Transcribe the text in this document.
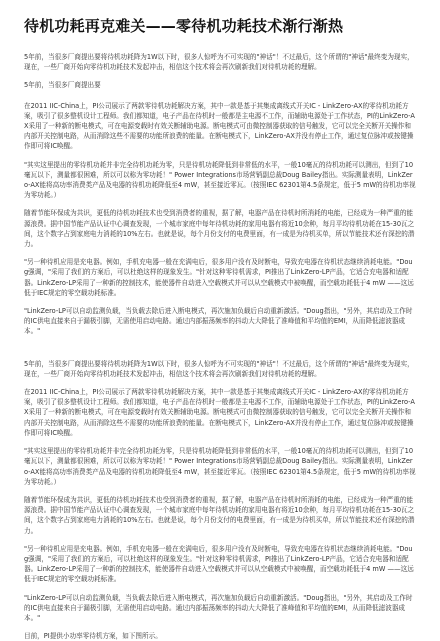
待机功耗再克难关——零待机功耗技术渐行渐热

5年前，当很多厂商提出要将待机功耗降为1W以下时，很多人惊呼为不可实现的"神话"！不过最后，这个所谓的"神话"最终变为现实，现在，一些厂商开始向零待机功耗技术发起冲击，相信这个技术将会再次刷新我们对待机功耗的理解。

5年前，当很多厂商提出要

在2011 IIC-China上，PI公司展示了两款零待机功耗解决方案，其中一款是基于其集成离线式开关IC - LinkZero-AX的零待机功耗方案，吸引了很多整机设计工程师。我们都知道，电子产品在待机时一般都是主电源不工作，而辅助电源处于工作状态，PI的LinkZero-AX采用了一种新的断电模式，可在电源变载时有效关断辅助电源。断电模式可由微控制器获取的信号触发，它可以完全关断开关操作和内部开关控制电路，从而消除这些不需要的功能所浪费的能量。在断电模式下，LinkZero-AX并没有停止工作，通过复位脉冲或按键操作即可将IC唤醒。

"其实这里提出的零待机功耗并非完全待机功耗为零，只是待机功耗降低到非常低的水平，一般10毫瓦的待机功耗可以测出，但到了10毫瓦以下，测量都很困难，所以可以称为零功耗！" Power Integrations市场营销副总裁Doug Bailey指出。实际测量表明，LinkZero-AX能将高功率消费类产品及电器的待机功耗降低至4 mW，甚至接近零瓦。（按照IEC 62301第4.5条规定，低于5 mW的待机功率视为零功耗。）

随着节能环保成为共识，更低的待机功耗技术也受到消费者的重视，据了解，电器产品在待机时所消耗的电能，已经成为一种严重的能源浪费。据中国节能产品认证中心调查发现，一个城市家庭中每年待机功耗的家用电器有将近10余种，每月平均待机功耗在15-30瓦之间，这个数字占到家庭电力消耗的10%左右。也就是说，每个月份支付的电费里面，有一成是为待机买单，所以节能技术还有深挖的潜力。

"另一种待机应用是充电器。例如，手机充电器一般在充满电后，很多用户没有及时断电，导致充电器在待机状态继续消耗电能。"Doug强调，"采用了我们的方案后，可以杜绝这样的现象发生。"针对这种零待机需求，PI推出了LinkZero-LP产品，它适合充电器和适配器。LinkZero-LP采用了一种新的控制技术，能使器件自动进入空载模式并可以从空载模式中被唤醒，而空载功耗低于4 mW ——这远低于IEC规定的零空载功耗标准。

"LinkZero-LP可以自动监测负载，当负载去除后进入断电模式，再次施加负载后自动重新激活。"Doug指出，"另外，其启动及工作时的IC供电直接来自于漏极引脚，无需使用启动电路。通过内部振荡频率的抖动大大降低了准峰值和平均值的EMI，从而降低滤波器成本。"

5年前，当很多厂商提出要将待机功耗降为1W以下时，很多人惊呼为不可实现的"神话"！不过最后，这个所谓的"神话"最终变为现实，现在，一些厂商开始向零待机功耗技术发起冲击，相信这个技术将会再次刷新我们对待机功耗的理解。

在2011 IIC-China上，PI公司展示了两款零待机功耗解决方案，其中一款是基于其集成离线式开关IC - LinkZero-AX的零待机功耗方案，吸引了很多整机设计工程师。我们都知道，电子产品在待机时一般都是主电源不工作，而辅助电源处于工作状态，PI的LinkZero-AX采用了一种新的断电模式，可在电源变载时有效关断辅助电源。断电模式可由微控制器获取的信号触发，它可以完全关断开关操作和内部开关控制电路，从而消除这些不需要的功能所浪费的能量。在断电模式下，LinkZero-AX并没有停止工作，通过复位脉冲或按键操作即可将IC唤醒。

"其实这里提出的零待机功耗并非完全待机功耗为零，只是待机功耗降低到非常低的水平，一般10毫瓦的待机功耗可以测出，但到了10毫瓦以下，测量都很困难，所以可以称为零功耗！" Power Integrations市场营销副总裁Doug Bailey指出。实际测量表明，LinkZero-AX能将高功率消费类产品及电器的待机功耗降低至4 mW，甚至接近零瓦。（按照IEC 62301第4.5条规定，低于5 mW的待机功率视为零功耗。）

随着节能环保成为共识，更低的待机功耗技术也受到消费者的重视，据了解，电器产品在待机时所消耗的电能，已经成为一种严重的能源浪费。据中国节能产品认证中心调查发现，一个城市家庭中每年待机功耗的家用电器有将近10余种，每月平均待机功耗在15-30瓦之间，这个数字占到家庭电力消耗的10%左右。也就是说，每个月份支付的电费里面，有一成是为待机买单，所以节能技术还有深挖的潜力。

"另一种待机应用是充电器。例如，手机充电器一般在充满电后，很多用户没有及时断电，导致充电器在待机状态继续消耗电能。"Doug强调，"采用了我们的方案后，可以杜绝这样的现象发生。"针对这种零待机需求，PI推出了LinkZero-LP产品，它适合充电器和适配器。LinkZero-LP采用了一种新的控制技术，能使器件自动进入空载模式并可以从空载模式中被唤醒，而空载功耗低于4 mW ——这远低于IEC规定的零空载功耗标准。

"LinkZero-LP可以自动监测负载，当负载去除后进入断电模式，再次施加负载后自动重新激活。"Doug指出，"另外，其启动及工作时的IC供电直接来自于漏极引脚，无需使用启动电路。通过内部振荡频率的抖动大大降低了准峰值和平均值的EMI，从而降低滤波器成本。"

目前，PI提供小功率零待机方案，如下图所示。
